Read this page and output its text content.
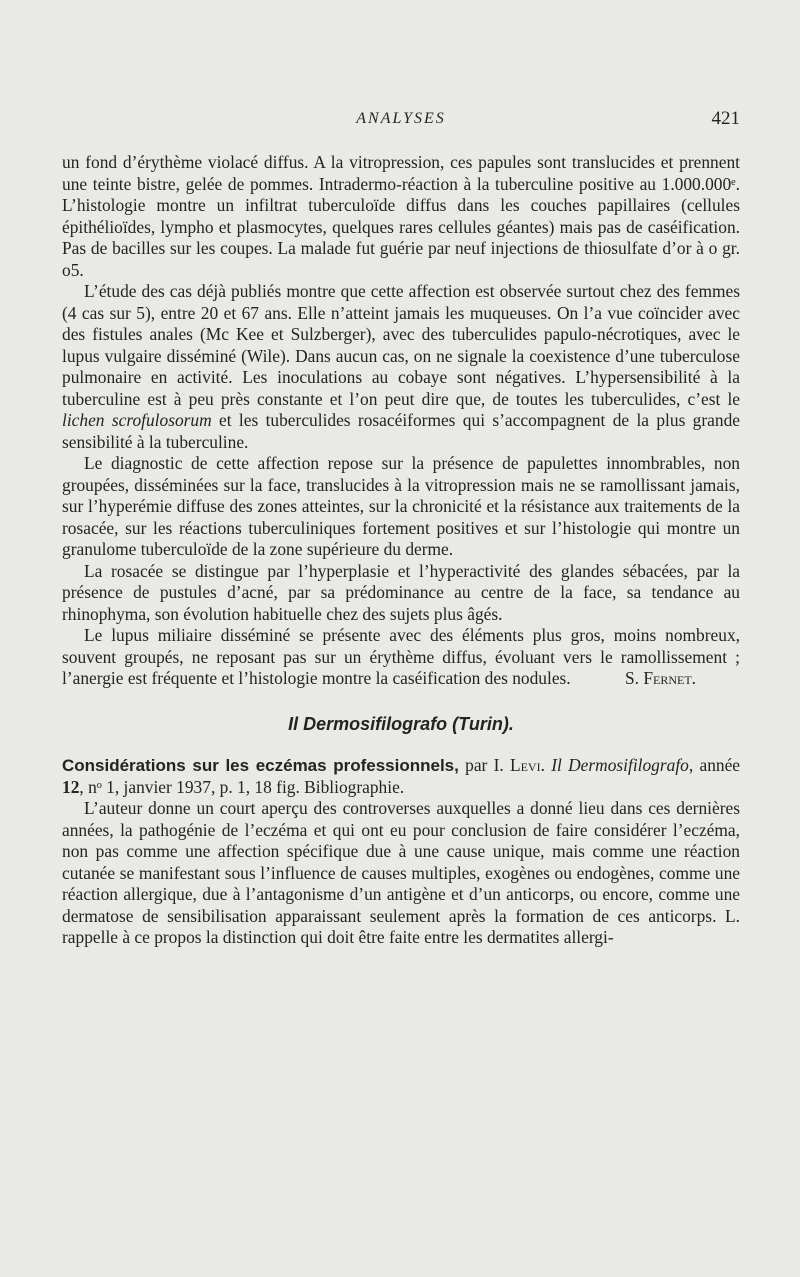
ANALYSES	421

un fond d’érythème violacé diffus. A la vitropression, ces papules sont translucides et prennent une teinte bistre, gelée de pommes. Intradermo-réaction à la tuberculine positive au 1.000.000ᵉ. L’histologie montre un infiltrat tuberculoïde diffus dans les couches papillaires (cellules épithélioïdes, lympho et plasmocytes, quelques rares cellules géantes) mais pas de caséification. Pas de bacilles sur les coupes. La malade fut guérie par neuf injections de thiosulfate d’or à o gr. o5.

L’étude des cas déjà publiés montre que cette affection est observée surtout chez des femmes (4 cas sur 5), entre 20 et 67 ans. Elle n’atteint jamais les muqueuses. On l’a vue coïncider avec des fistules anales (Mc Kee et Sulzberger), avec des tuberculides papulo-nécrotiques, avec le lupus vulgaire disséminé (Wile). Dans aucun cas, on ne signale la coexistence d’une tuberculose pulmonaire en activité. Les inoculations au cobaye sont négatives. L’hypersensibilité à la tuberculine est à peu près constante et l’on peut dire que, de toutes les tuberculides, c’est le lichen scrofulosorum et les tuberculides rosacéiformes qui s’accompagnent de la plus grande sensibilité à la tuberculine.

Le diagnostic de cette affection repose sur la présence de papulettes innombrables, non groupées, disséminées sur la face, translucides à la vitropression mais ne se ramollissant jamais, sur l’hyperémie diffuse des zones atteintes, sur la chronicité et la résistance aux traitements de la rosacée, sur les réactions tuberculiniques fortement positives et sur l’histologie qui montre un granulome tuberculoïde de la zone supérieure du derme.

La rosacée se distingue par l’hyperplasie et l’hyperactivité des glandes sébacées, par la présence de pustules d’acné, par sa prédominance au centre de la face, sa tendance au rhinophyma, son évolution habituelle chez des sujets plus âgés.

Le lupus miliaire disséminé se présente avec des éléments plus gros, moins nombreux, souvent groupés, ne reposant pas sur un érythème diffus, évoluant vers le ramollissement ; l’anergie est fréquente et l’histologie montre la caséification des nodules.	S. Fernet.

Il Dermosifilografo (Turin).

Considérations sur les eczémas professionnels, par I. Levi. Il Dermosifilografo, année 12, nᵒ 1, janvier 1937, p. 1, 18 fig. Bibliographie.

L’auteur donne un court aperçu des controverses auxquelles a donné lieu dans ces dernières années, la pathogénie de l’eczéma et qui ont eu pour conclusion de faire considérer l’eczéma, non pas comme une affection spécifique due à une cause unique, mais comme une réaction cutanée se manifestant sous l’influence de causes multiples, exogènes ou endogènes, comme une réaction allergique, due à l’antagonisme d’un antigène et d’un anticorps, ou encore, comme une dermatose de sensibilisation apparaissant seulement après la formation de ces anticorps. L. rappelle à ce propos la distinction qui doit être faite entre les dermatites allergi-
